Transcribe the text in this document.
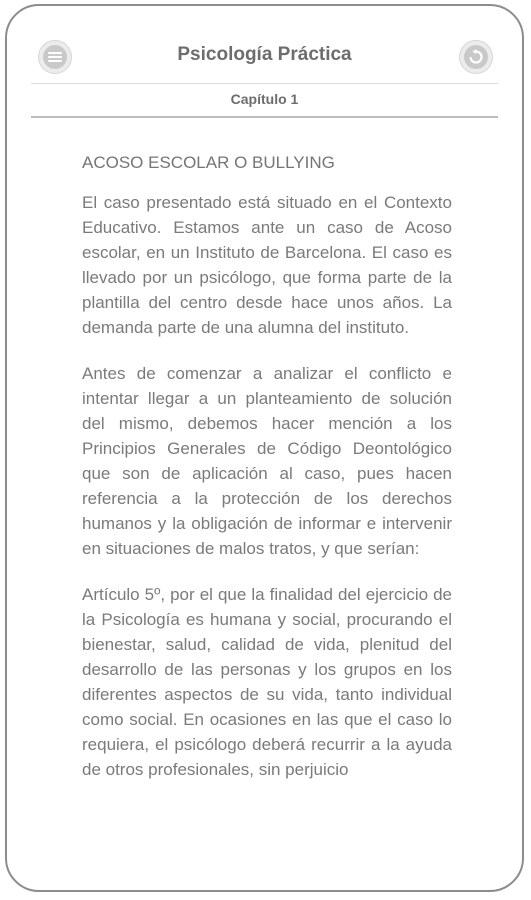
Psicología Práctica
Capítulo 1
ACOSO ESCOLAR O BULLYING

El caso presentado está situado en el Contexto Educativo. Estamos ante un caso de Acoso escolar, en un Instituto de Barcelona. El caso es llevado por un psicólogo, que forma parte de la plantilla del centro desde hace unos años. La demanda parte de una alumna del instituto.

Antes de comenzar a analizar el conflicto e intentar llegar a un planteamiento de solución del mismo, debemos hacer mención a los Principios Generales de Código Deontológico que son de aplicación al caso, pues hacen referencia a la protección de los derechos humanos y la obligación de informar e intervenir en situaciones de malos tratos, y que serían:

Artículo 5º, por el que la finalidad del ejercicio de la Psicología es humana y social, procurando el bienestar, salud, calidad de vida, plenitud del desarrollo de las personas y los grupos en los diferentes aspectos de su vida, tanto individual como social. En ocasiones en las que el caso lo requiera, el psicólogo deberá recurrir a la ayuda de otros profesionales, sin perjuicio
